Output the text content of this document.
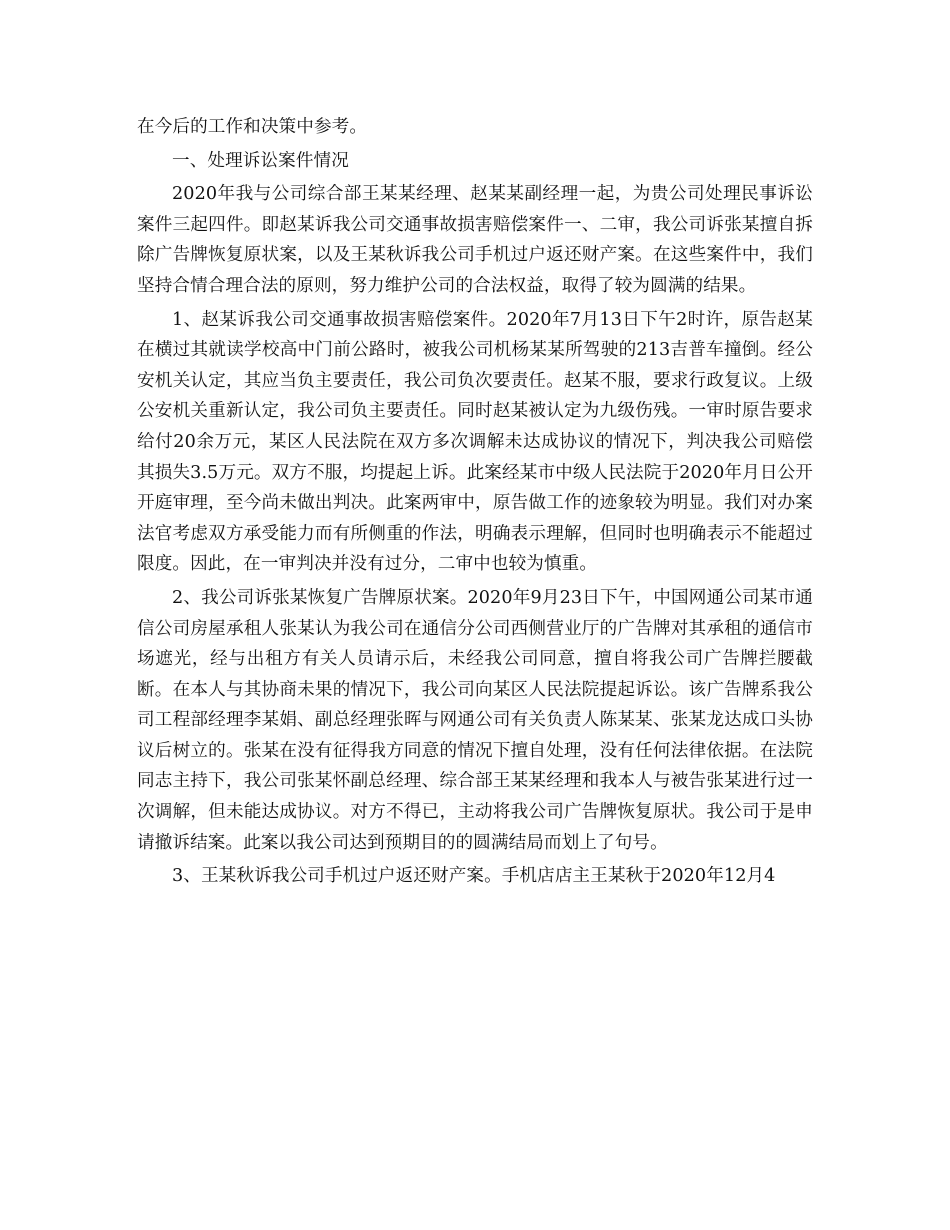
在今后的工作和决策中参考。

一、处理诉讼案件情况

2020年我与公司综合部王某某经理、赵某某副经理一起，为贵公司处理民事诉讼案件三起四件。即赵某诉我公司交通事故损害赔偿案件一、二审，我公司诉张某擅自拆除广告牌恢复原状案，以及王某秋诉我公司手机过户返还财产案。在这些案件中，我们坚持合情合理合法的原则，努力维护公司的合法权益，取得了较为圆满的结果。

1、赵某诉我公司交通事故损害赔偿案件。2020年7月13日下午2时许，原告赵某在横过其就读学校高中门前公路时，被我公司机杨某某所驾驶的213吉普车撞倒。经公安机关认定，其应当负主要责任，我公司负次要责任。赵某不服，要求行政复议。上级公安机关重新认定，我公司负主要责任。同时赵某被认定为九级伤残。一审时原告要求给付20余万元，某区人民法院在双方多次调解未达成协议的情况下，判决我公司赔偿其损失3.5万元。双方不服，均提起上诉。此案经某市中级人民法院于2020年月日公开开庭审理，至今尚未做出判决。此案两审中，原告做工作的迹象较为明显。我们对办案法官考虑双方承受能力而有所侧重的作法，明确表示理解，但同时也明确表示不能超过限度。因此，在一审判决并没有过分，二审中也较为慎重。

2、我公司诉张某恢复广告牌原状案。2020年9月23日下午，中国网通公司某市通信公司房屋承租人张某认为我公司在通信分公司西侧营业厅的广告牌对其承租的通信市场遮光，经与出租方有关人员请示后，未经我公司同意，擅自将我公司广告牌拦腰截断。在本人与其协商未果的情况下，我公司向某区人民法院提起诉讼。该广告牌系我公司工程部经理李某娟、副总经理张晖与网通公司有关负责人陈某某、张某龙达成口头协议后树立的。张某在没有征得我方同意的情况下擅自处理，没有任何法律依据。在法院同志主持下，我公司张某怀副总经理、综合部王某某经理和我本人与被告张某进行过一次调解，但未能达成协议。对方不得已，主动将我公司广告牌恢复原状。我公司于是申请撤诉结案。此案以我公司达到预期目的的圆满结局而划上了句号。

3、王某秋诉我公司手机过户返还财产案。手机店店主王某秋于2020年12月4
